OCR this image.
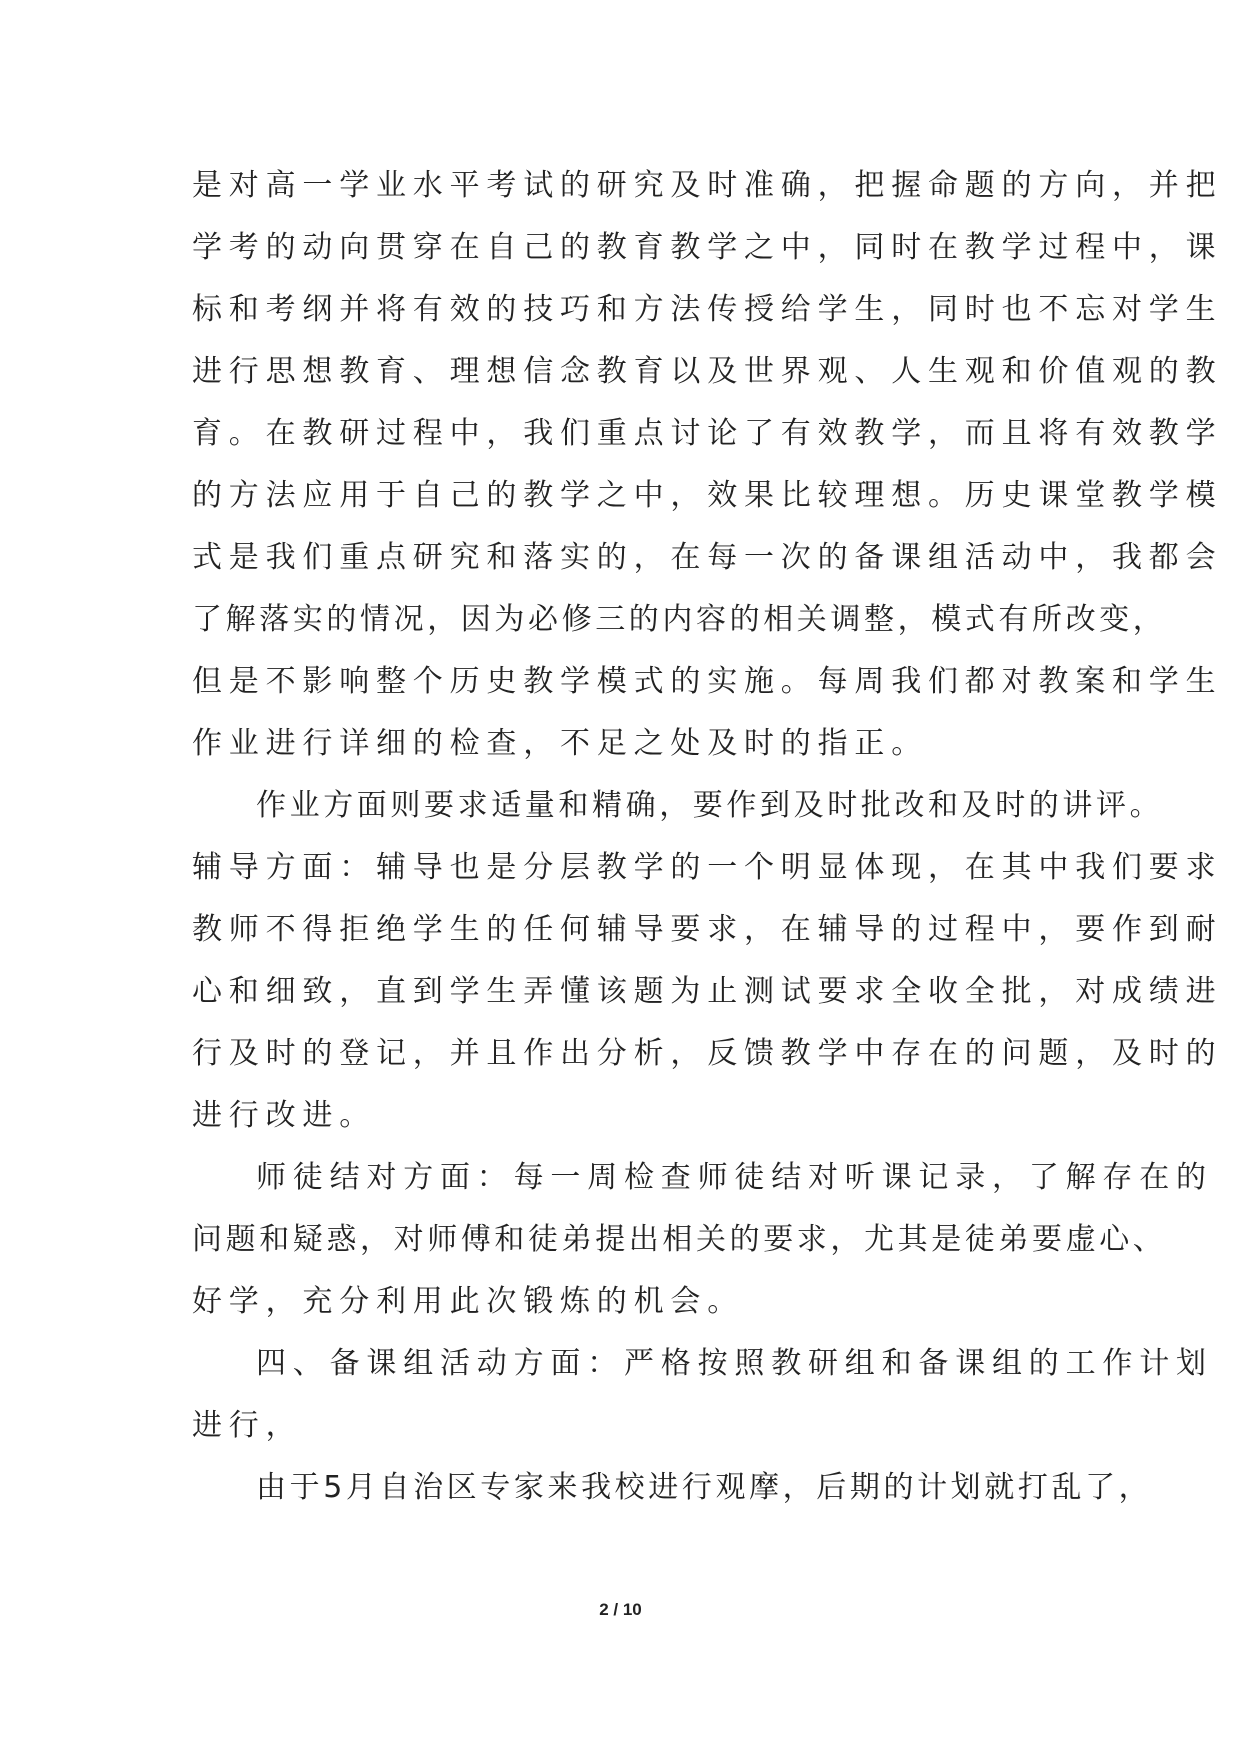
是对高一学业水平考试的研究及时准确，把握命题的方向，并把
学考的动向贯穿在自己的教育教学之中，同时在教学过程中，课
标和考纲并将有效的技巧和方法传授给学生，同时也不忘对学生
进行思想教育、理想信念教育以及世界观、人生观和价值观的教
育。在教研过程中，我们重点讨论了有效教学，而且将有效教学
的方法应用于自己的教学之中，效果比较理想。历史课堂教学模
式是我们重点研究和落实的，在每一次的备课组活动中，我都会
了解落实的情况，因为必修三的内容的相关调整，模式有所改变，
但是不影响整个历史教学模式的实施。每周我们都对教案和学生
作业进行详细的检查，不足之处及时的指正。
作业方面则要求适量和精确，要作到及时批改和及时的讲评。
辅导方面：辅导也是分层教学的一个明显体现，在其中我们要求
教师不得拒绝学生的任何辅导要求，在辅导的过程中，要作到耐
心和细致，直到学生弄懂该题为止测试要求全收全批，对成绩进
行及时的登记，并且作出分析，反馈教学中存在的问题，及时的
进行改进。
师徒结对方面：每一周检查师徒结对听课记录，了解存在的
问题和疑惑，对师傅和徒弟提出相关的要求，尤其是徒弟要虚心、
好学，充分利用此次锻炼的机会。
四、备课组活动方面：严格按照教研组和备课组的工作计划
进行，
由于5月自治区专家来我校进行观摩，后期的计划就打乱了，
2 / 10
